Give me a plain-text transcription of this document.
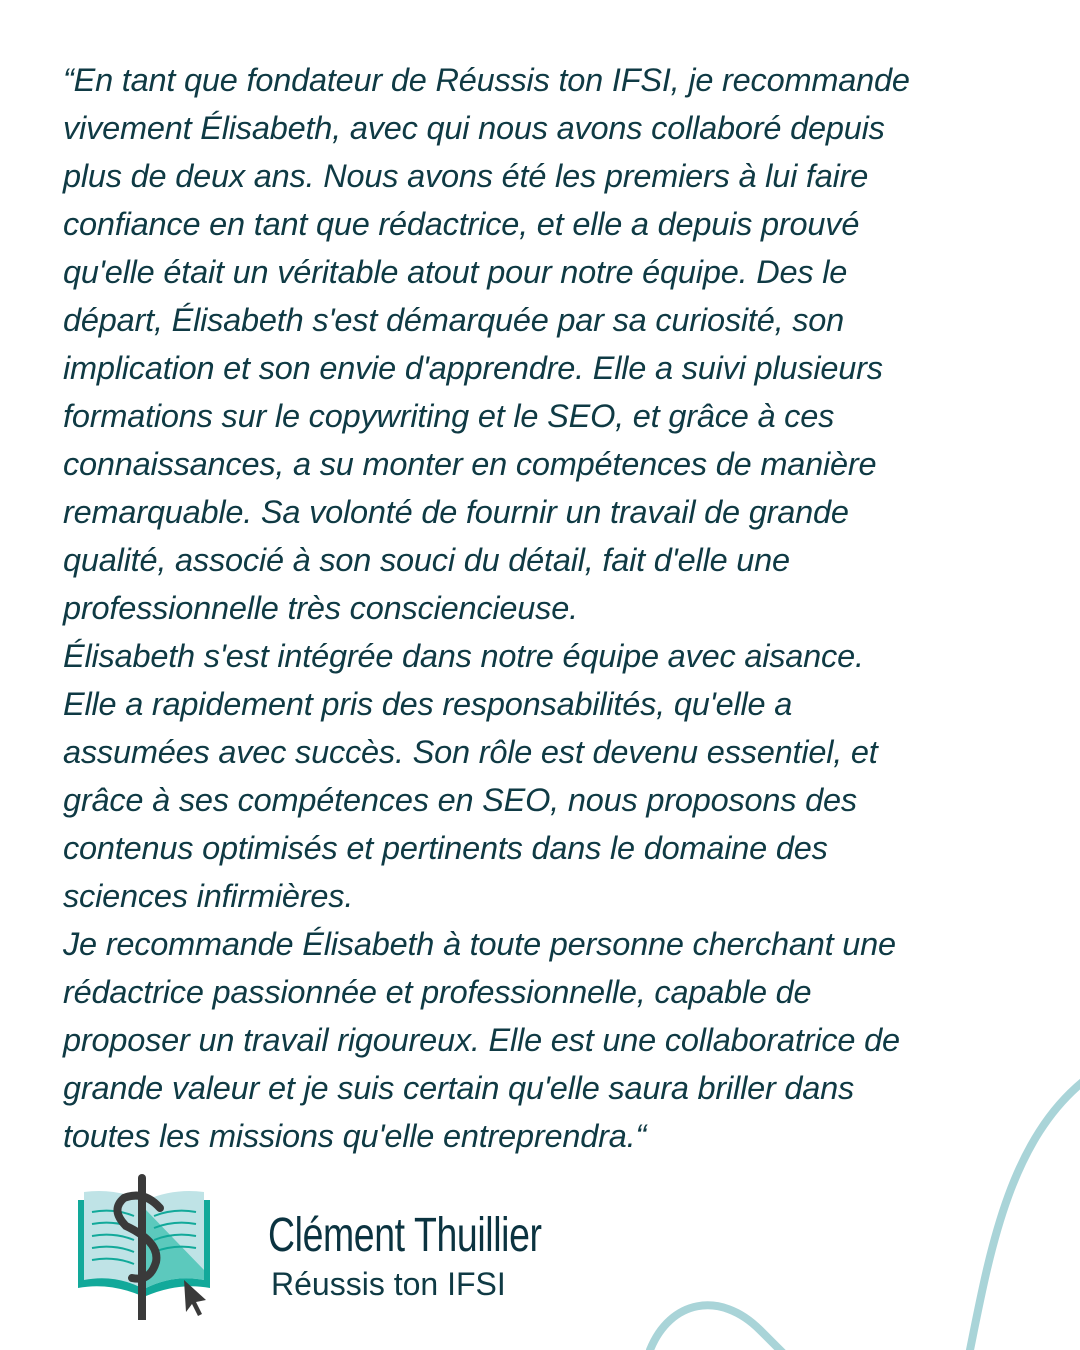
“En tant que fondateur de Réussis ton IFSI, je recommande
vivement Élisabeth, avec qui nous avons collaboré depuis
plus de deux ans. Nous avons été les premiers à lui faire
confiance en tant que rédactrice, et elle a depuis prouvé
qu'elle était un véritable atout pour notre équipe. Des le
départ, Élisabeth s'est démarquée par sa curiosité, son
implication et son envie d'apprendre. Elle a suivi plusieurs
formations sur le copywriting et le SEO, et grâce à ces
connaissances, a su monter en compétences de manière
remarquable. Sa volonté de fournir un travail de grande
qualité, associé à son souci du détail, fait d'elle une
professionnelle très consciencieuse.
Élisabeth s'est intégrée dans notre équipe avec aisance.
Elle a rapidement pris des responsabilités, qu'elle a
assumées avec succès. Son rôle est devenu essentiel, et
grâce à ses compétences en SEO, nous proposons des
contenus optimisés et pertinents dans le domaine des
sciences infirmières.
Je recommande Élisabeth à toute personne cherchant une
rédactrice passionnée et professionnelle, capable de
proposer un travail rigoureux. Elle est une collaboratrice de
grande valeur et je suis certain qu'elle saura briller dans
toutes les missions qu'elle entreprendra.“
Clément Thuillier
Réussis ton IFSI
